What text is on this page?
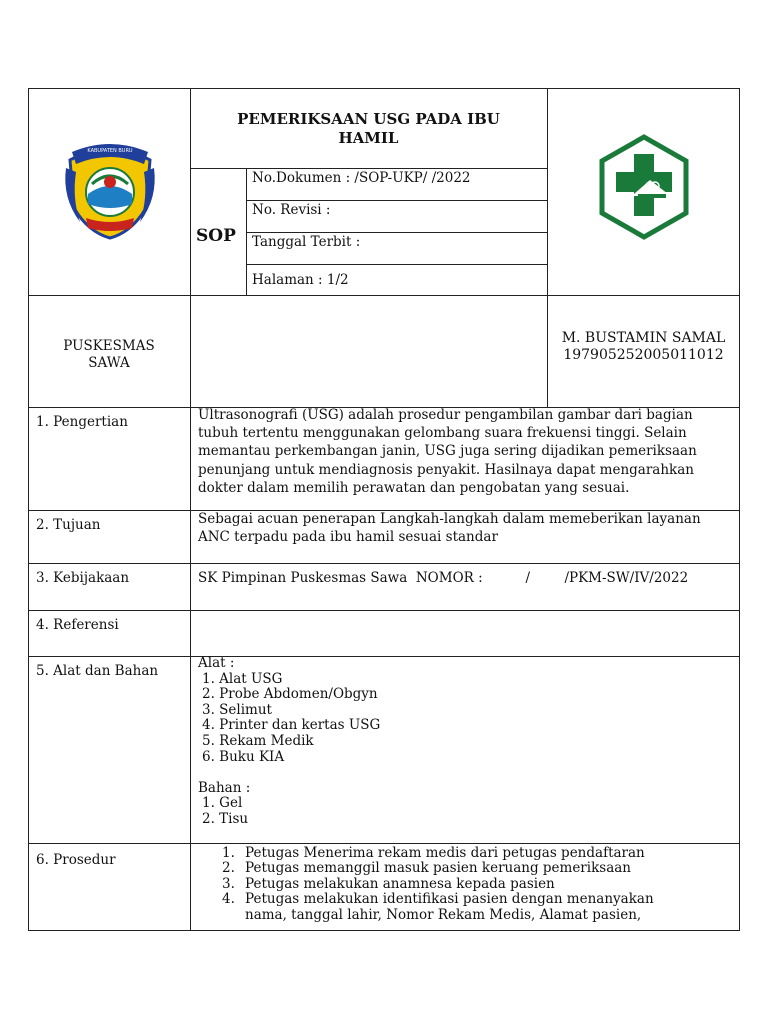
KABUPATEN BURU
PEMERIKSAAN USG PADA IBU
HAMIL
SOP
No.Dokumen : /SOP-UKP/ /2022
No. Revisi :
Tanggal Terbit :
Halaman : 1/2
PUSKESMAS
SAWA
M. BUSTAMIN SAMAL
197905252005011012
1. Pengertian	Ultrasonografi (USG) adalah prosedur pengambilan gambar dari bagian
tubuh tertentu menggunakan gelombang suara frekuensi tinggi. Selain
memantau perkembangan janin, USG juga sering dijadikan pemeriksaan
penunjang untuk mendiagnosis penyakit. Hasilnaya dapat mengarahkan
dokter dalam memilih perawatan dan pengobatan yang sesuai.
2. Tujuan	Sebagai acuan penerapan Langkah-langkah dalam memeberikan layanan
ANC terpadu pada ibu hamil sesuai standar
3. Kebijakaan	SK Pimpinan Puskesmas Sawa  NOMOR :          /        /PKM-SW/IV/2022
4. Referensi
5. Alat dan Bahan	Alat :
1. Alat USG
2. Probe Abdomen/Obgyn
3. Selimut
4. Printer dan kertas USG
5. Rekam Medik
6. Buku KIA
Bahan :
1. Gel
2. Tisu
6. Prosedur	1. Petugas Menerima rekam medis dari petugas pendaftaran
2. Petugas memanggil masuk pasien keruang pemeriksaan
3. Petugas melakukan anamnesa kepada pasien
4. Petugas melakukan identifikasi pasien dengan menanyakan
nama, tanggal lahir, Nomor Rekam Medis, Alamat pasien,
